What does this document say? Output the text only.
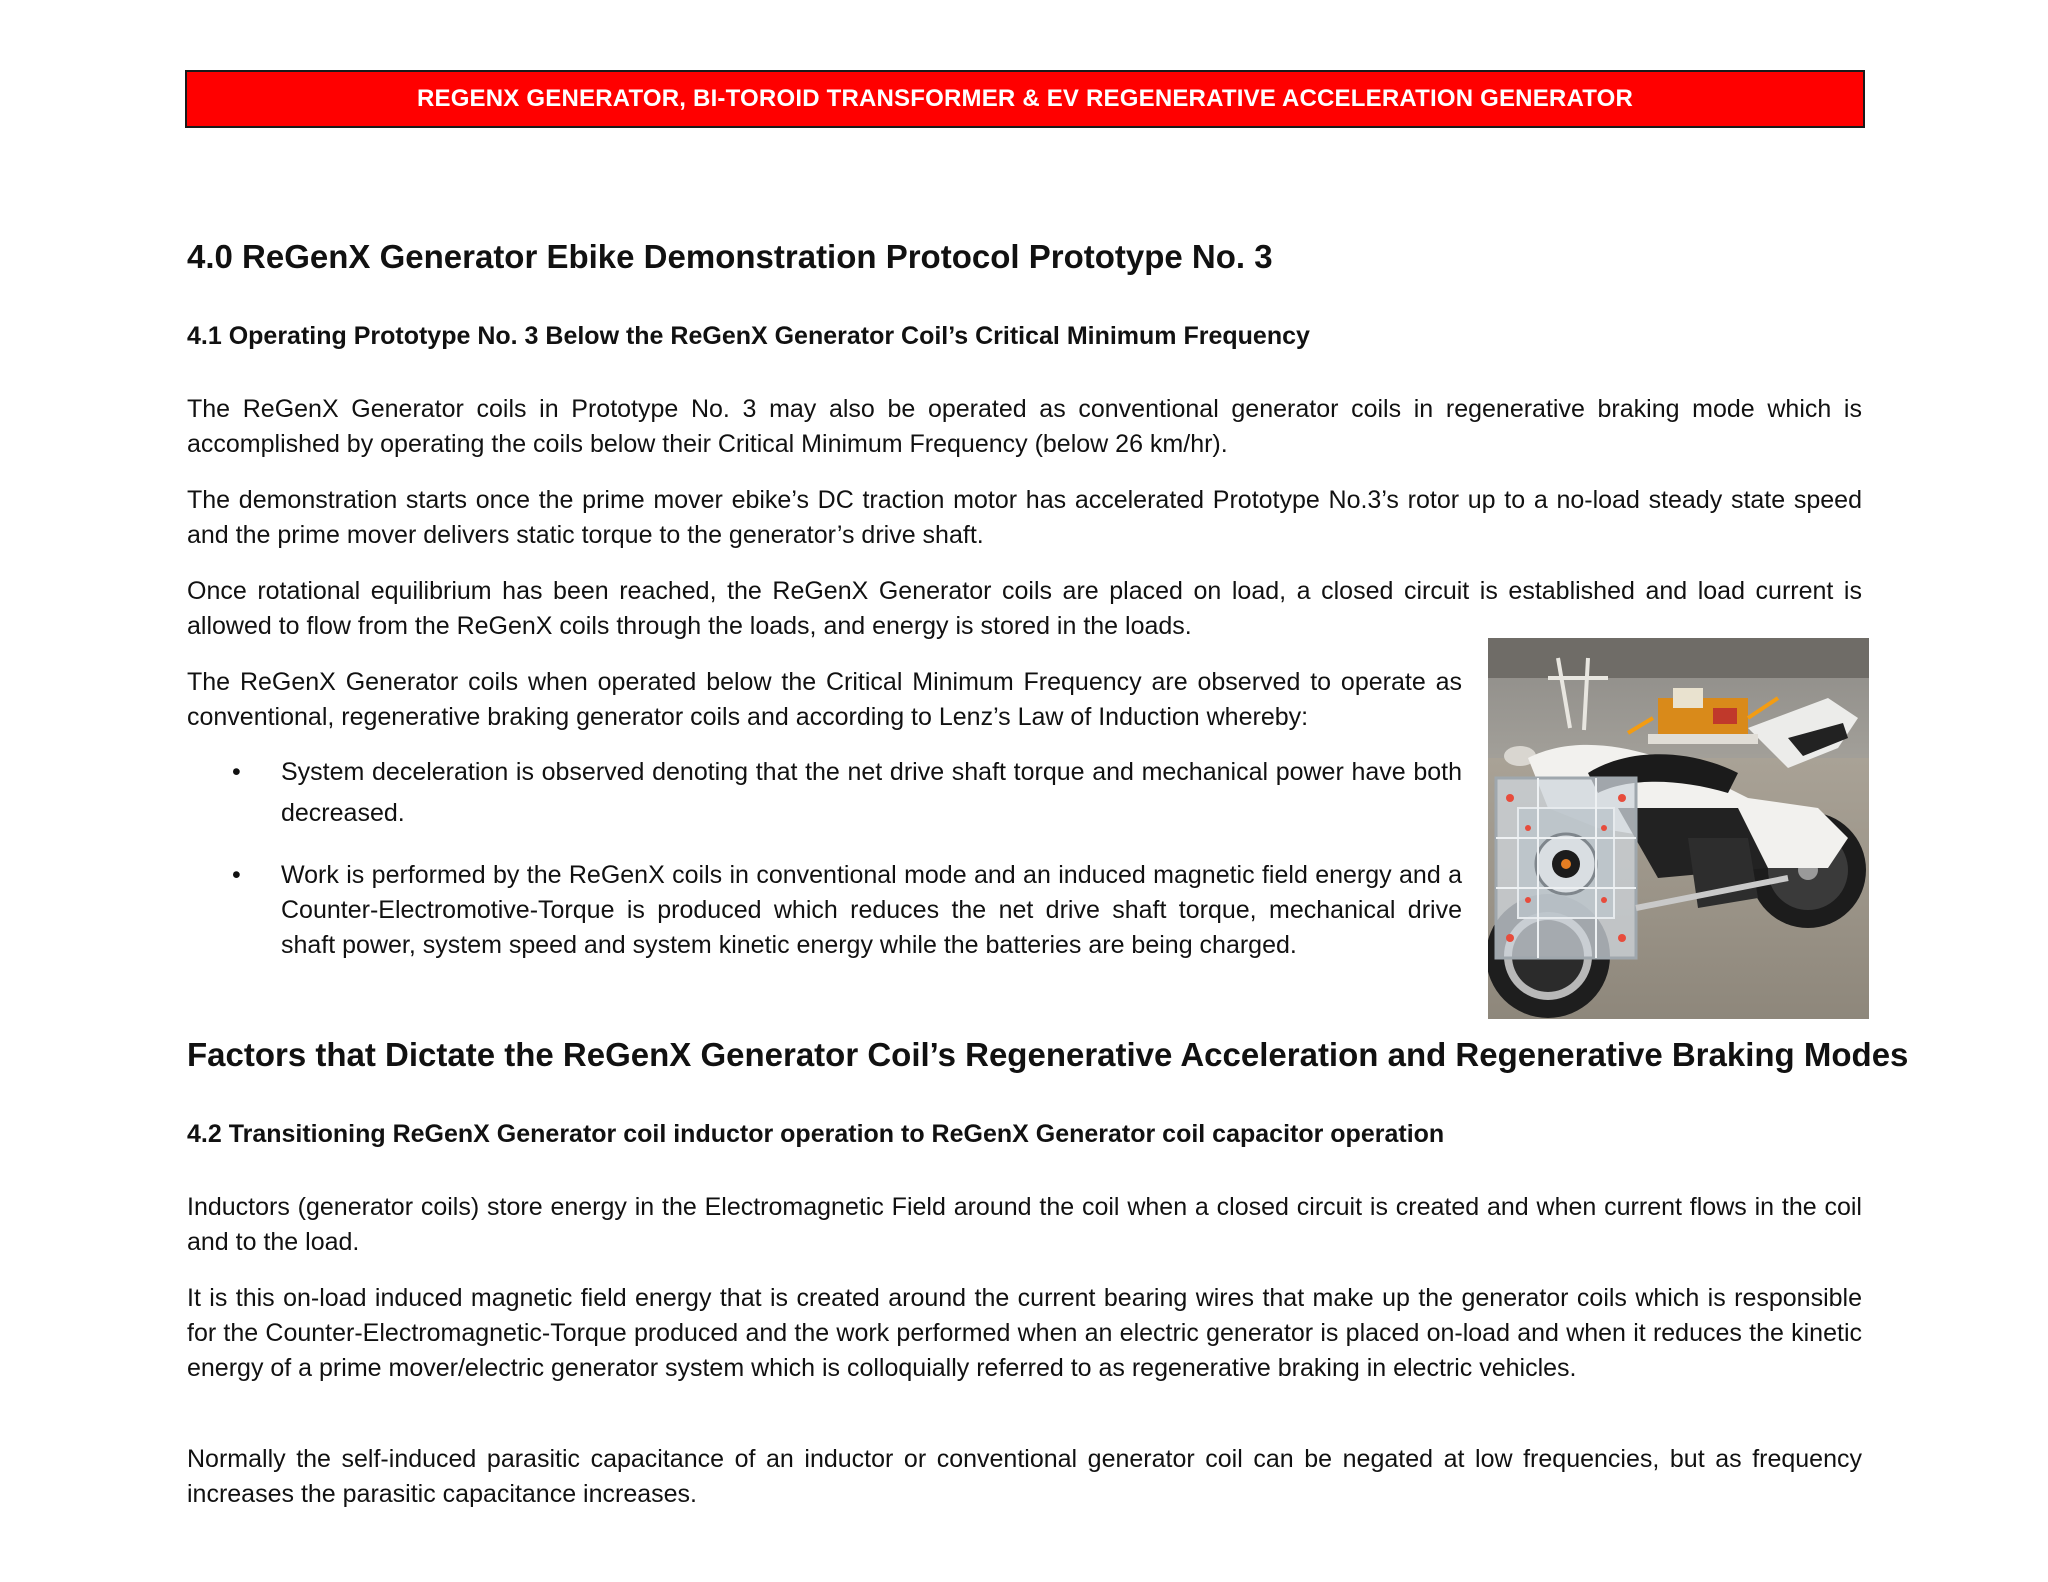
REGENX GENERATOR, BI-TOROID TRANSFORMER & EV REGENERATIVE ACCELERATION GENERATOR
4.0 ReGenX Generator Ebike Demonstration Protocol Prototype No. 3
4.1 Operating Prototype No. 3 Below the ReGenX Generator Coil’s Critical Minimum Frequency

The ReGenX Generator coils in Prototype No. 3 may also be operated as conventional generator coils in regenerative braking mode which is accomplished by operating the coils below their Critical Minimum Frequency (below 26 km/hr).

The demonstration starts once the prime mover ebike’s DC traction motor has accelerated Prototype No.3’s rotor up to a no-load steady state speed and the prime mover delivers static torque to the generator’s drive shaft.

Once rotational equilibrium has been reached, the ReGenX Generator coils are placed on load, a closed circuit is established and load current is allowed to flow from the ReGenX coils through the loads, and energy is stored in the loads.

The ReGenX Generator coils when operated below the Critical Minimum Frequency are observed to operate as conventional, regenerative braking generator coils and according to Lenz’s Law of Induction whereby:

• System deceleration is observed denoting that the net drive shaft torque and mechanical power have both decreased.
• Work is performed by the ReGenX coils in conventional mode and an induced magnetic field energy and a Counter-Electromotive-Torque is produced which reduces the net drive shaft torque, mechanical drive shaft power, system speed and system kinetic energy while the batteries are being charged.
Factors that Dictate the ReGenX Generator Coil’s Regenerative Acceleration and Regenerative Braking Modes
4.2 Transitioning ReGenX Generator coil inductor operation to ReGenX Generator coil capacitor operation

Inductors (generator coils) store energy in the Electromagnetic Field around the coil when a closed circuit is created and when current flows in the coil and to the load.

It is this on-load induced magnetic field energy that is created around the current bearing wires that make up the generator coils which is responsible for the Counter-Electromagnetic-Torque produced and the work performed when an electric generator is placed on-load and when it reduces the kinetic energy of a prime mover/electric generator system which is colloquially referred to as regenerative braking in electric vehicles.

Normally the self-induced parasitic capacitance of an inductor or conventional generator coil can be negated at low frequencies, but as frequency increases the parasitic capacitance increases.
